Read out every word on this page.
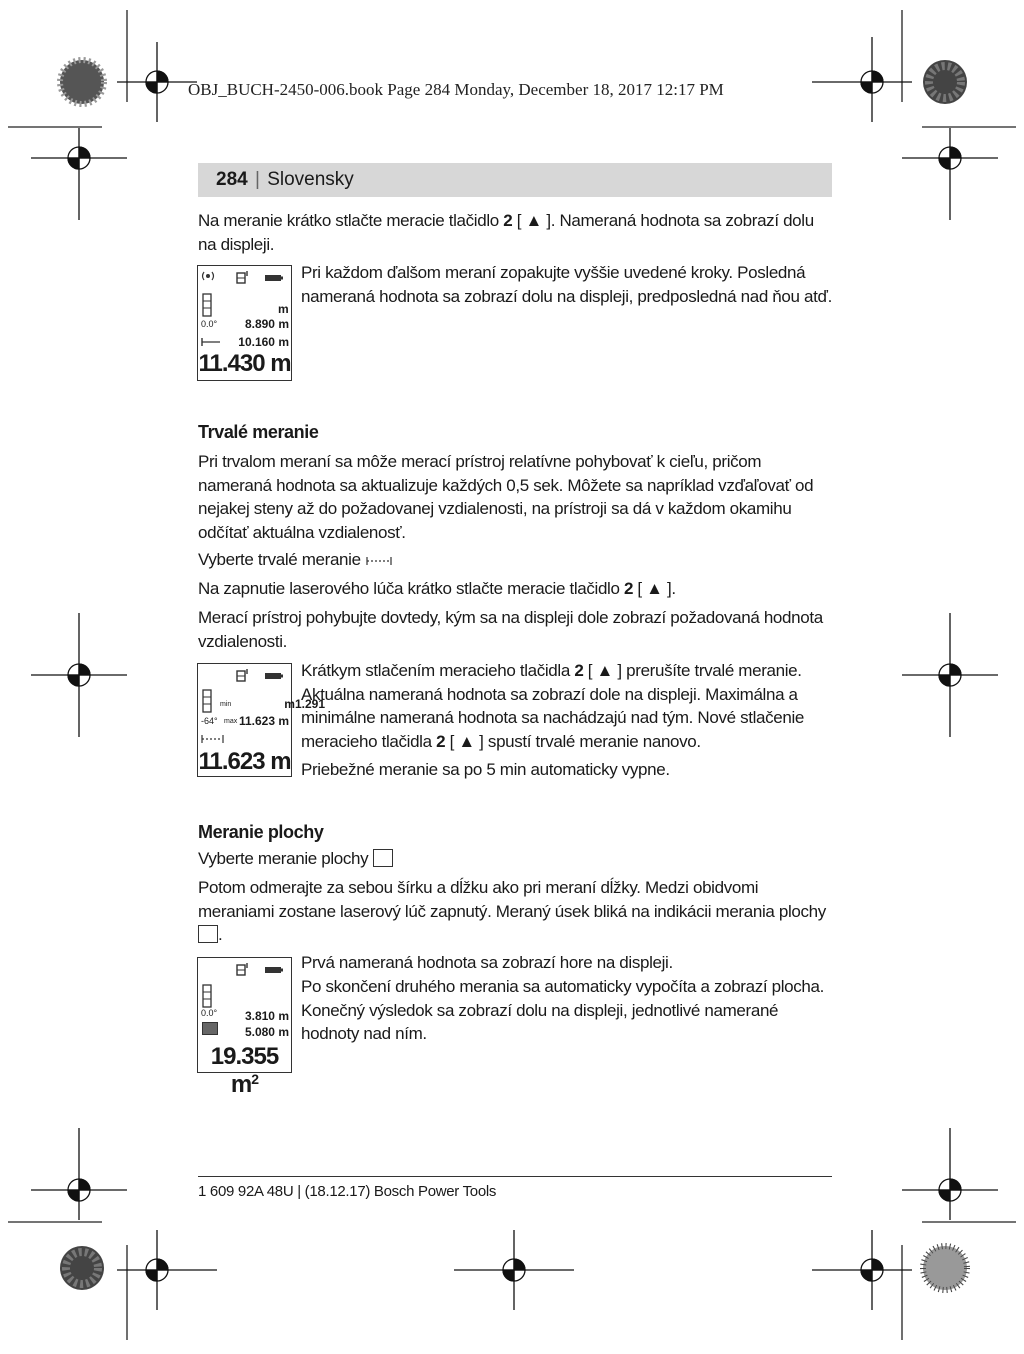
OBJ_BUCH-2450-006.book Page 284 Monday, December 18, 2017 12:17 PM
284 | Slovensky
Na meranie krátko stlačte meracie tlačidlo 2 [ ▲ ]. Nameraná hodnota sa zobrazí dolu na displeji.
m
0.0° 8.890 m
10.160 m
11.430 m
Pri každom ďalšom meraní zopakujte vyššie uvedené kroky. Posledná nameraná hodnota sa zobrazí dolu na displeji, predposledná nad ňou atď.
Trvalé meranie
Pri trvalom meraní sa môže merací prístroj relatívne pohybovať k cieľu, pričom nameraná hodnota sa aktualizuje každých 0,5 sek. Môžete sa napríklad vzďaľovať od nejakej steny až do požadovanej vzdialenosti, na prístroji sa dá v každom okamihu odčítať aktuálna vzdialenosť.
Vyberte trvalé meranie
Na zapnutie laserového lúča krátko stlačte meracie tlačidlo 2 [ ▲ ].
Merací prístroj pohybujte dovtedy, kým sa na displeji dole zobrazí požadovaná hodnota vzdialenosti.
min	m1.291
-64° max 11.623 m
11.623 m
Krátkym stlačením meracieho tlačidla 2 [ ▲ ] prerušíte trvalé meranie. Aktuálna nameraná hodnota sa zobrazí dole na displeji. Maximálna a minimálne nameraná hodnota sa nachádzajú nad tým. Nové stlačenie meracieho tlačidla 2 [ ▲ ] spustí trvalé meranie nanovo.
Priebežné meranie sa po 5 min automaticky vypne.
Meranie plochy
Vyberte meranie plochy
Potom odmerajte za sebou šírku a dĺžku ako pri meraní dĺžky. Medzi obidvomi meraniami zostane laserový lúč zapnutý. Meraný úsek bliká na indikácii merania plochy .
0.0° 3.810 m
5.080 m
19.355 $m^2$
Prvá nameraná hodnota sa zobrazí hore na displeji.
Po skončení druhého merania sa automaticky vypočíta a zobrazí plocha. Konečný výsledok sa zobrazí dolu na displeji, jednotlivé namerané hodnoty nad ním.
1 609 92A 48U | (18.12.17) Bosch Power Tools
